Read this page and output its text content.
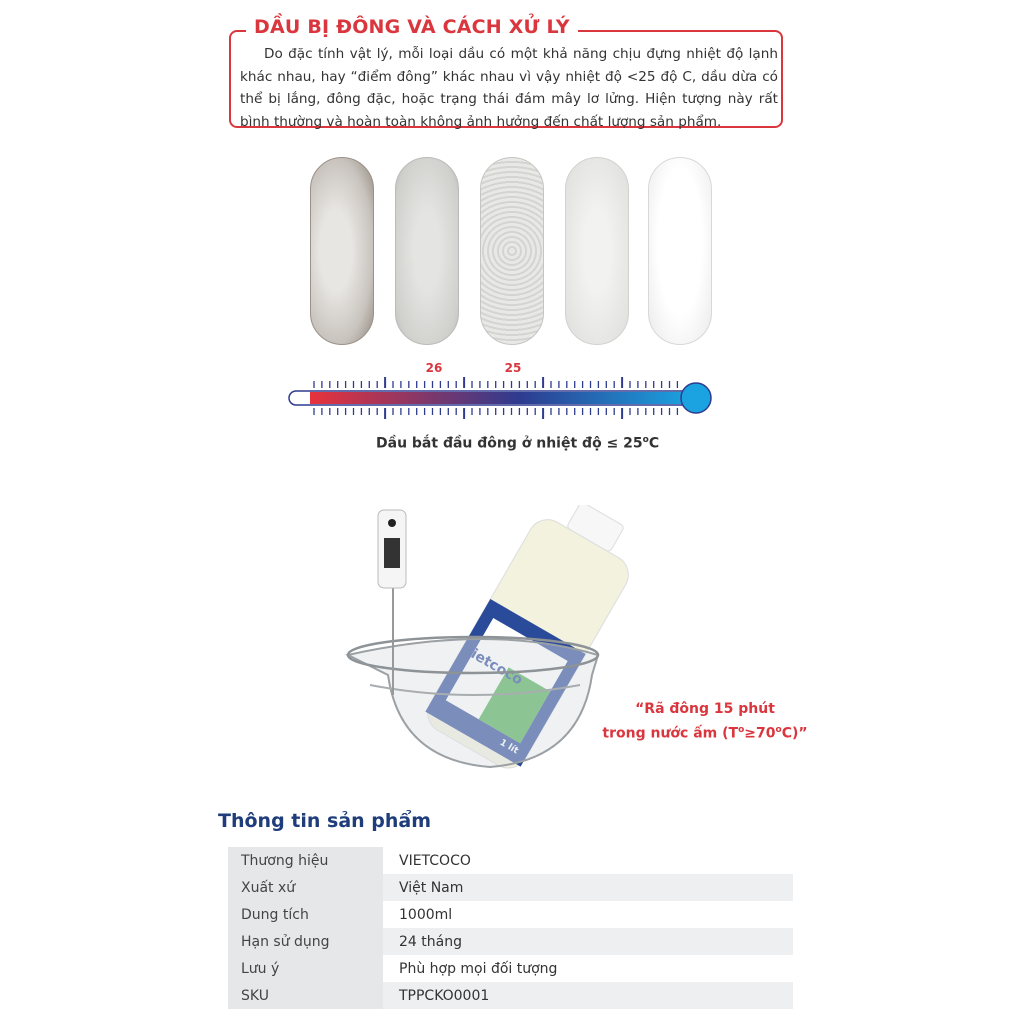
DẦU BỊ ĐÔNG VÀ CÁCH XỬ LÝ
Do đặc tính vật lý, mỗi loại dầu có một khả năng chịu đựng nhiệt độ lạnh khác nhau, hay “điểm đông” khác nhau vì vậy nhiệt độ <25 độ C, dầu dừa có thể bị lắng, đông đặc, hoặc trạng thái đám mây lơ lửng. Hiện tượng này rất bình thường và hoàn toàn không ảnh hưởng đến chất lượng sản phẩm.
26	25
Dầu bắt đầu đông ở nhiệt độ ≤ $25^oC$
“Rã đông 15 phút
trong nước ấm $(T^o\ge 70^oC)$”
Thông tin sản phẩm
Thương hiệu	VIETCOCO
Xuất xứ	Việt Nam
Dung tích	1000ml
Hạn sử dụng	24 tháng
Lưu ý	Phù hợp mọi đối tượng
SKU	TPPCKO0001
